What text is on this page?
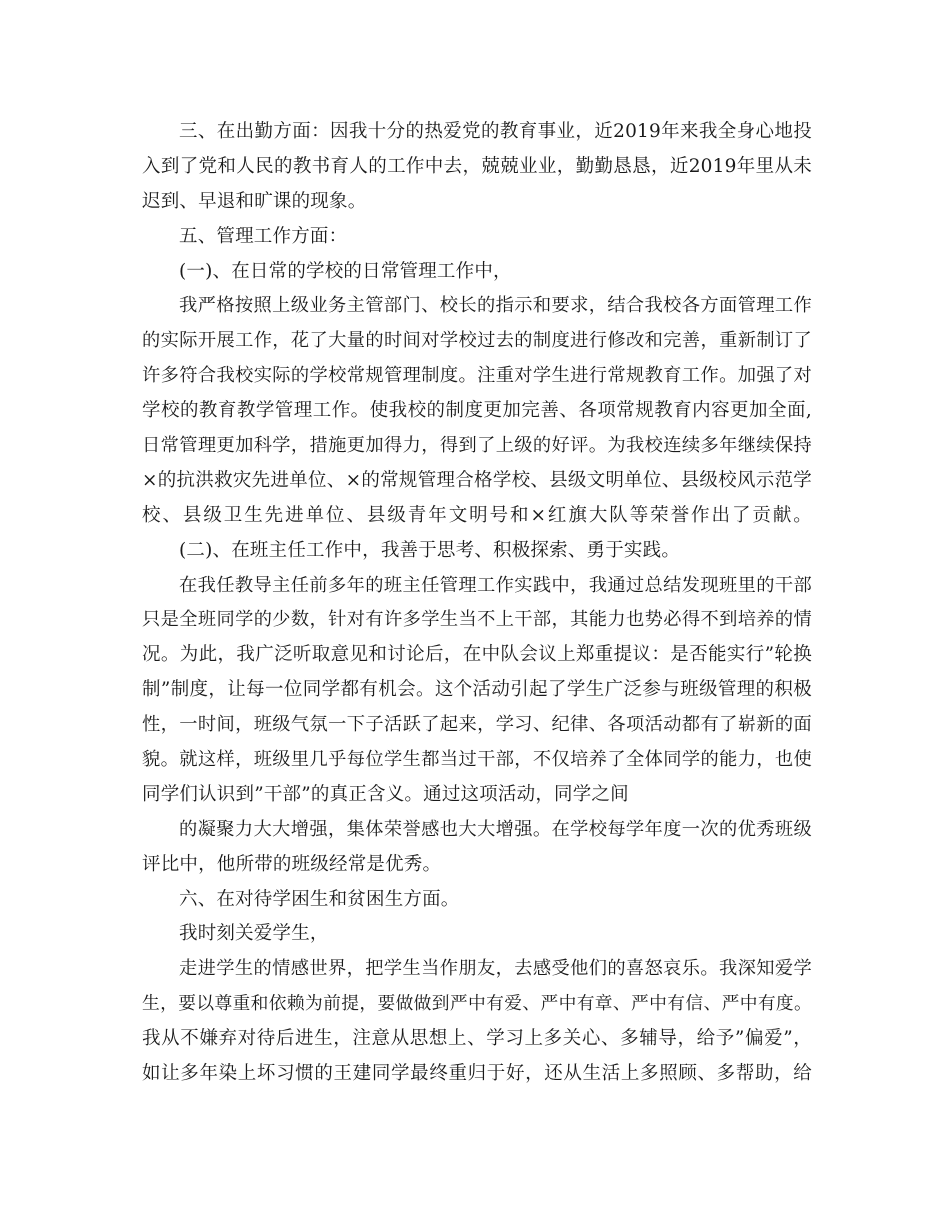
三、在出勤方面：因我十分的热爱党的教育事业，近2019年来我全身心地投
入到了党和人民的教书育人的工作中去，兢兢业业，勤勤恳恳，近2019年里从未
迟到、早退和旷课的现象。
五、管理工作方面：
(一)、在日常的学校的日常管理工作中，
我严格按照上级业务主管部门、校长的指示和要求，结合我校各方面管理工作
的实际开展工作，花了大量的时间对学校过去的制度进行修改和完善，重新制订了
许多符合我校实际的学校常规管理制度。注重对学生进行常规教育工作。加强了对
学校的教育教学管理工作。使我校的制度更加完善、各项常规教育内容更加全面,
日常管理更加科学，措施更加得力，得到了上级的好评。为我校连续多年继续保持
×的抗洪救灾先进单位、×的常规管理合格学校、县级文明单位、县级校风示范学
校、县级卫生先进单位、县级青年文明号和×红旗大队等荣誉作出了贡献。
(二)、在班主任工作中，我善于思考、积极探索、勇于实践。
在我任教导主任前多年的班主任管理工作实践中，我通过总结发现班里的干部
只是全班同学的少数，针对有许多学生当不上干部，其能力也势必得不到培养的情
况。为此，我广泛听取意见和讨论后，在中队会议上郑重提议：是否能实行”轮换
制”制度，让每一位同学都有机会。这个活动引起了学生广泛参与班级管理的积极
性，一时间，班级气氛一下子活跃了起来，学习、纪律、各项活动都有了崭新的面
貌。就这样，班级里几乎每位学生都当过干部，不仅培养了全体同学的能力，也使
同学们认识到”干部”的真正含义。通过这项活动，同学之间
的凝聚力大大增强，集体荣誉感也大大增强。在学校每学年度一次的优秀班级
评比中，他所带的班级经常是优秀。
六、在对待学困生和贫困生方面。
我时刻关爱学生，
走进学生的情感世界，把学生当作朋友，去感受他们的喜怒哀乐。我深知爱学
生，要以尊重和依赖为前提，要做做到严中有爱、严中有章、严中有信、严中有度。
我从不嫌弃对待后进生，注意从思想上、学习上多关心、多辅导，给予”偏爱”，
如让多年染上坏习惯的王建同学最终重归于好，还从生活上多照顾、多帮助，给
